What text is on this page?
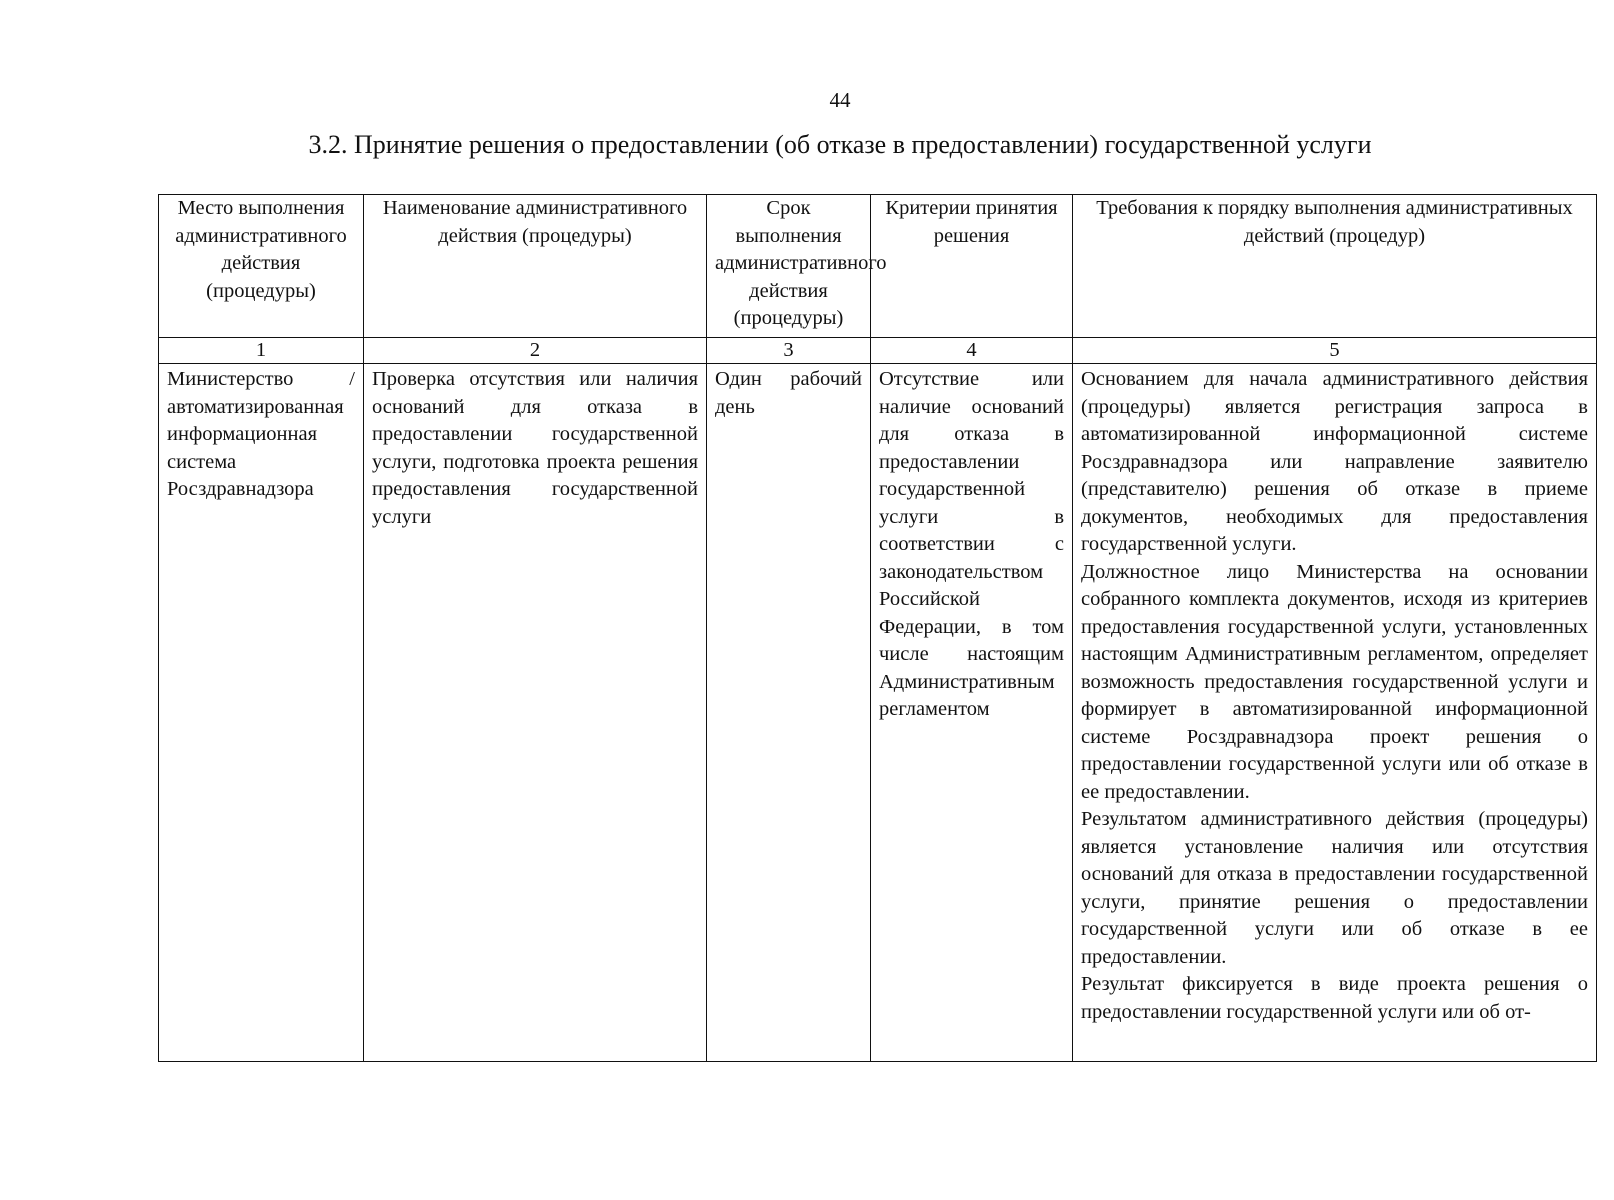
44
3.2. Принятие решения о предоставлении (об отказе в предоставлении) государственной услуги
Место выполнения административного действия (процедуры)	Наименование административного действия (процедуры)	Срок выполнения административного действия (процедуры)	Критерии принятия решения	Требования к порядку выполнения административных действий (процедур)
1	2	3	4	5
Министерство / автоматизированная информационная система Росздравнадзора	Проверка отсутствия или наличия оснований для отказа в предоставлении государственной услуги, подготовка проекта решения предоставления государственной услуги	Один рабочий день	Отсутствие или наличие оснований для отказа в предоставлении государственной услуги в соответствии с законодательством Российской Федерации, в том числе настоящим Административным регламентом	Основанием для начала административного действия (процедуры) является регистрация запроса в автоматизированной информационной системе Росздравнадзора или направление заявителю (представителю) решения об отказе в приеме документов, необходимых для предоставления государственной услуги.

Должностное лицо Министерства на основании собранного комплекта документов, исходя из критериев предоставления государственной услуги, установленных настоящим Административным регламентом, определяет возможность предоставления государственной услуги и формирует в автоматизированной информационной системе Росздравнадзора проект решения о предоставлении государственной услуги или об отказе в ее предоставлении.

Результатом административного действия (процедуры) является установление наличия или отсутствия оснований для отказа в предоставлении государственной услуги, принятие решения о предоставлении государственной услуги или об отказе в ее предоставлении.

Результат фиксируется в виде проекта решения о предоставлении государственной услуги или об от-
